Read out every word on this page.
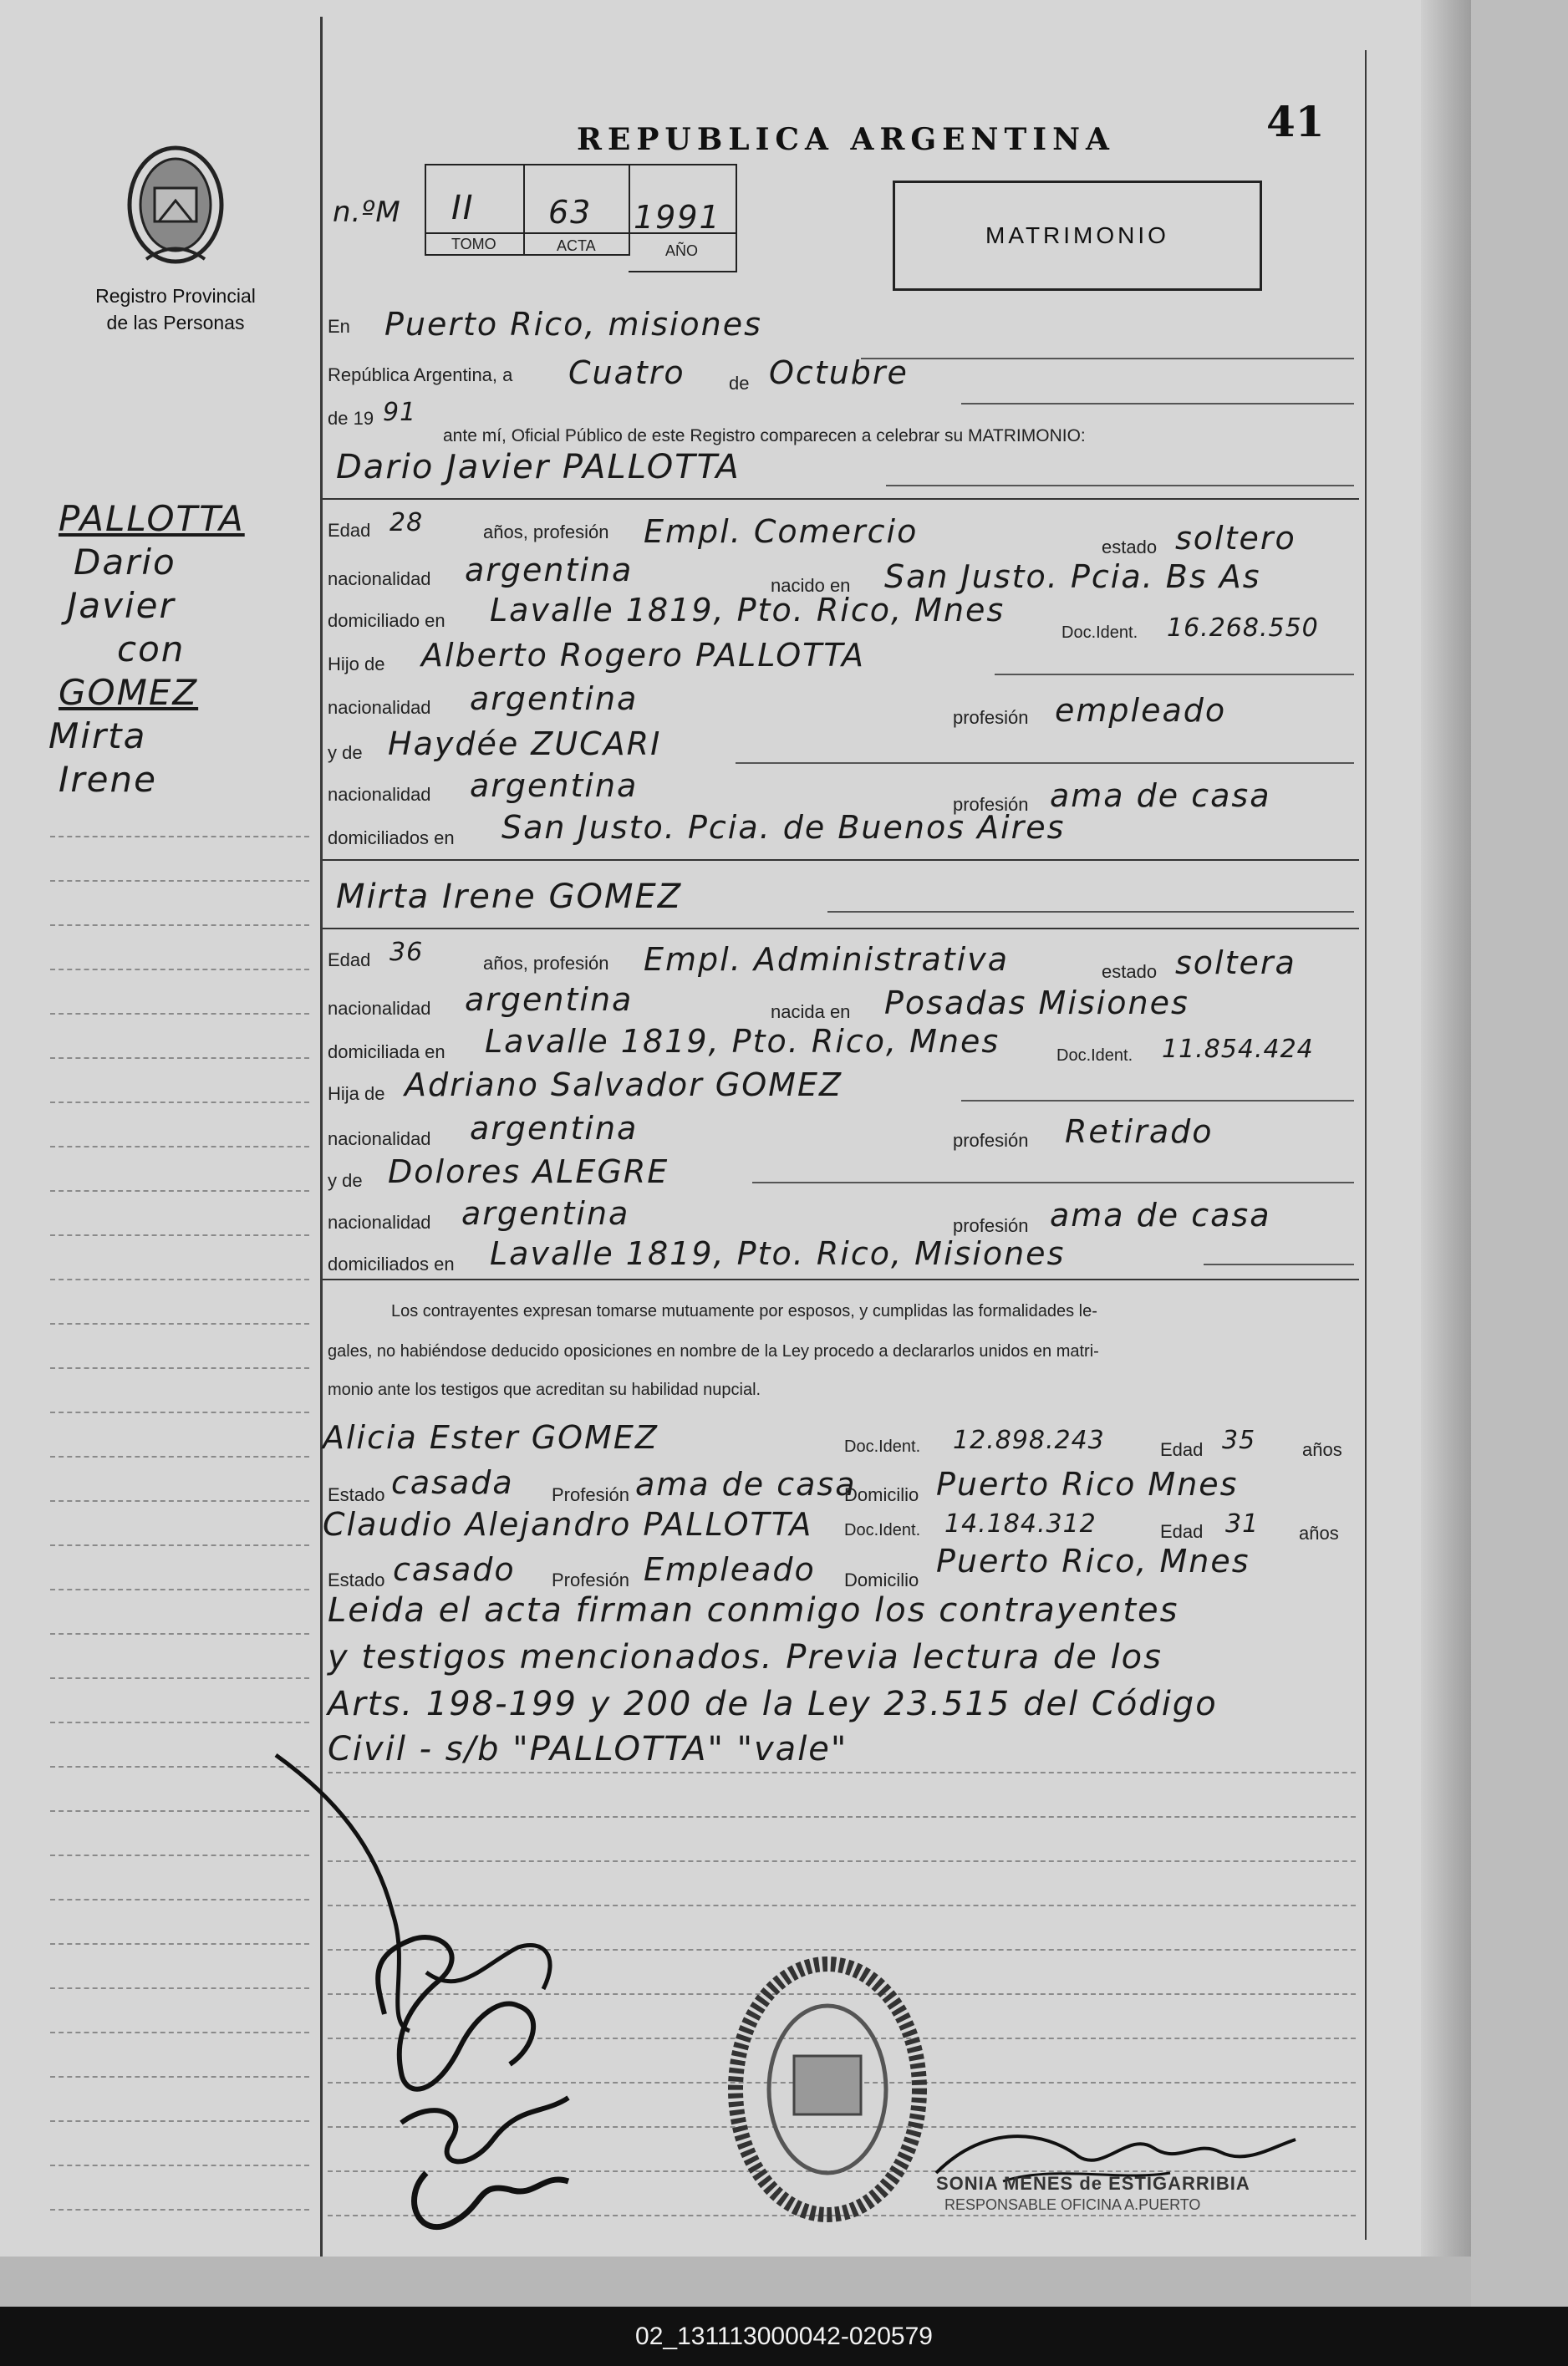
Registro Provincial
de las Personas
PALLOTTA
Dario
Javier
con
GOMEZ
Mirta
Irene
41
REPUBLICA ARGENTINA
n.ºM II 63 1991
TOMO	ACTA	AÑO
MATRIMONIO
En Puerto Rico, misiones
República Argentina, a Cuatro de Octubre
de 19 91
ante mí, Oficial Público de este Registro comparecen a celebrar su MATRIMONIO:
Dario Javier PALLOTTA
Edad 28	años, profesión Empl. Comercio	estado soltero
nacionalidad argentina	nacido en San Justo. Pcia. Bs As
domiciliado en Lavalle 1819, Pto. Rico, Mnes
Doc.Ident. 16.268.550
Hijo de Alberto Rogero PALLOTTA
nacionalidad argentina
profesión empleado
y de Haydée ZUCARI
nacionalidad argentina
profesión ama de casa
domiciliados en San Justo. Pcia. de Buenos Aires
Mirta Irene GOMEZ
Edad 36	años, profesión Empl. Administrativa	estado soltera
nacionalidad argentina	nacida en Posadas Misiones
domiciliada en Lavalle 1819, Pto. Rico, Mnes	Doc.Ident. 11.854.424
Hija de Adriano Salvador GOMEZ
nacionalidad argentina	profesión Retirado
y de Dolores ALEGRE
nacionalidad argentina	profesión ama de casa
domiciliados en Lavalle 1819, Pto. Rico, Misiones
Los contrayentes expresan tomarse mutuamente por esposos, y cumplidas las formalidades le-
gales, no habiéndose deducido oposiciones en nombre de la Ley procedo a declararlos unidos en matri-
monio ante los testigos que acreditan su habilidad nupcial.
Alicia Ester GOMEZ	Doc.Ident. 12.898.243	Edad 35	años
Estado casada Profesión ama de casa
Domicilio Puerto Rico Mnes
Claudio Alejandro PALLOTTA Doc.Ident. 14.184.312	Edad 31 años
Estado casado Profesión Empleado Domicilio
Puerto Rico, Mnes
Leida el acta firman conmigo los contrayentes
y testigos mencionados. Previa lectura de los
Arts. 198-199 y 200 de la Ley 23.515 del Código
Civil - s/b "PALLOTTA" "vale"
SONIA MENES de ESTIGARRIBIA
RESPONSABLE OFICINA A.PUERTO
02_131113000042-020579
